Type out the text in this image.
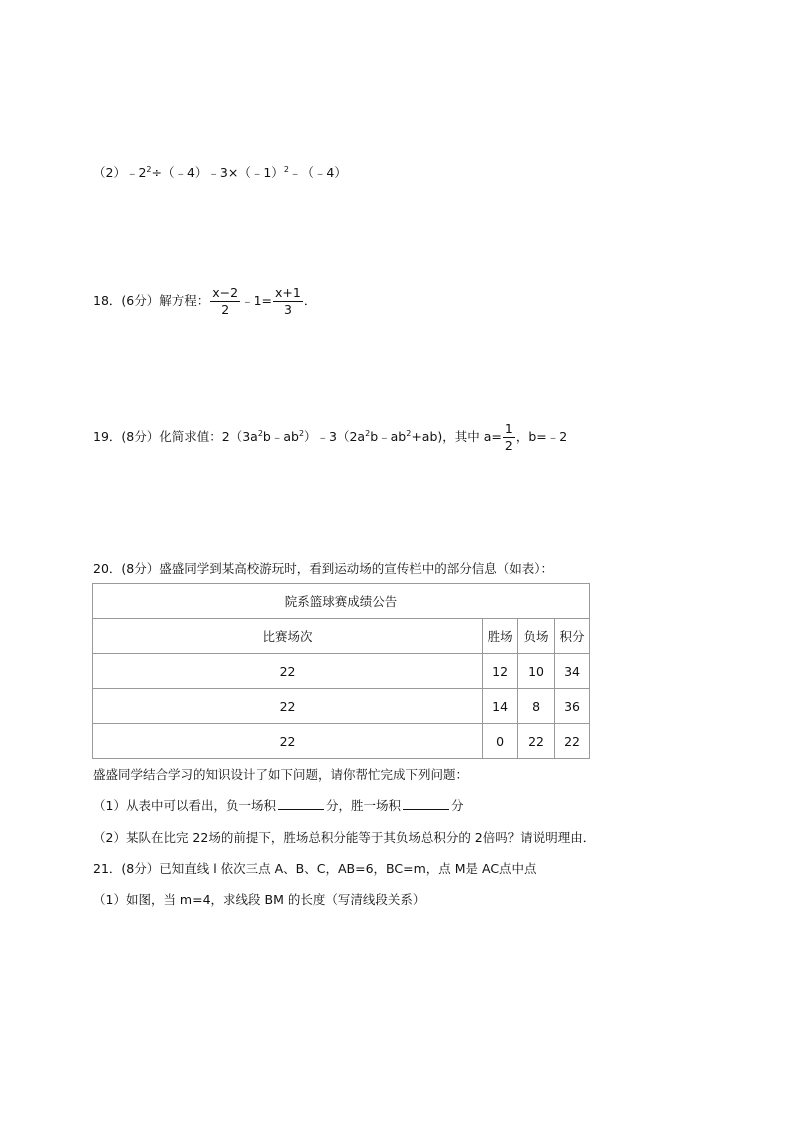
$(2)﹣2^2\div(﹣4)﹣3\times(﹣1)^2﹣(﹣4)$
18．(6分）解方程： $\frac{x-2}{2}$ ﹣1= $\frac{x+1}{3}$ ．
19．(8分）化简求值：$2(3a^2b﹣ab^2)﹣3(2a^2b﹣ab^2+ab)$，其中 $a= \frac{1}{2}$ ，b=﹣2
20．(8分）盛盛同学到某高校游玩时，看到运动场的宣传栏中的部分信息（如表）：
院系篮球赛成绩公告			
比赛场次	胜场	负场	积分
22	12	10	34
22	14	8	36
22	0	22	22
盛盛同学结合学习的知识设计了如下问题，请你帮忙完成下列问题：
（1）从表中可以看出，负一场积	分，胜一场积	分
（2）某队在比完 22场的前提下，胜场总积分能等于其负场总积分的 2倍吗？请说明理由．
21．(8分）已知直线 l 依次三点 A、B、C，AB=6，BC=m，点 M是 AC点中点
（1）如图，当 m=4，求线段 BM 的长度（写清线段关系）
